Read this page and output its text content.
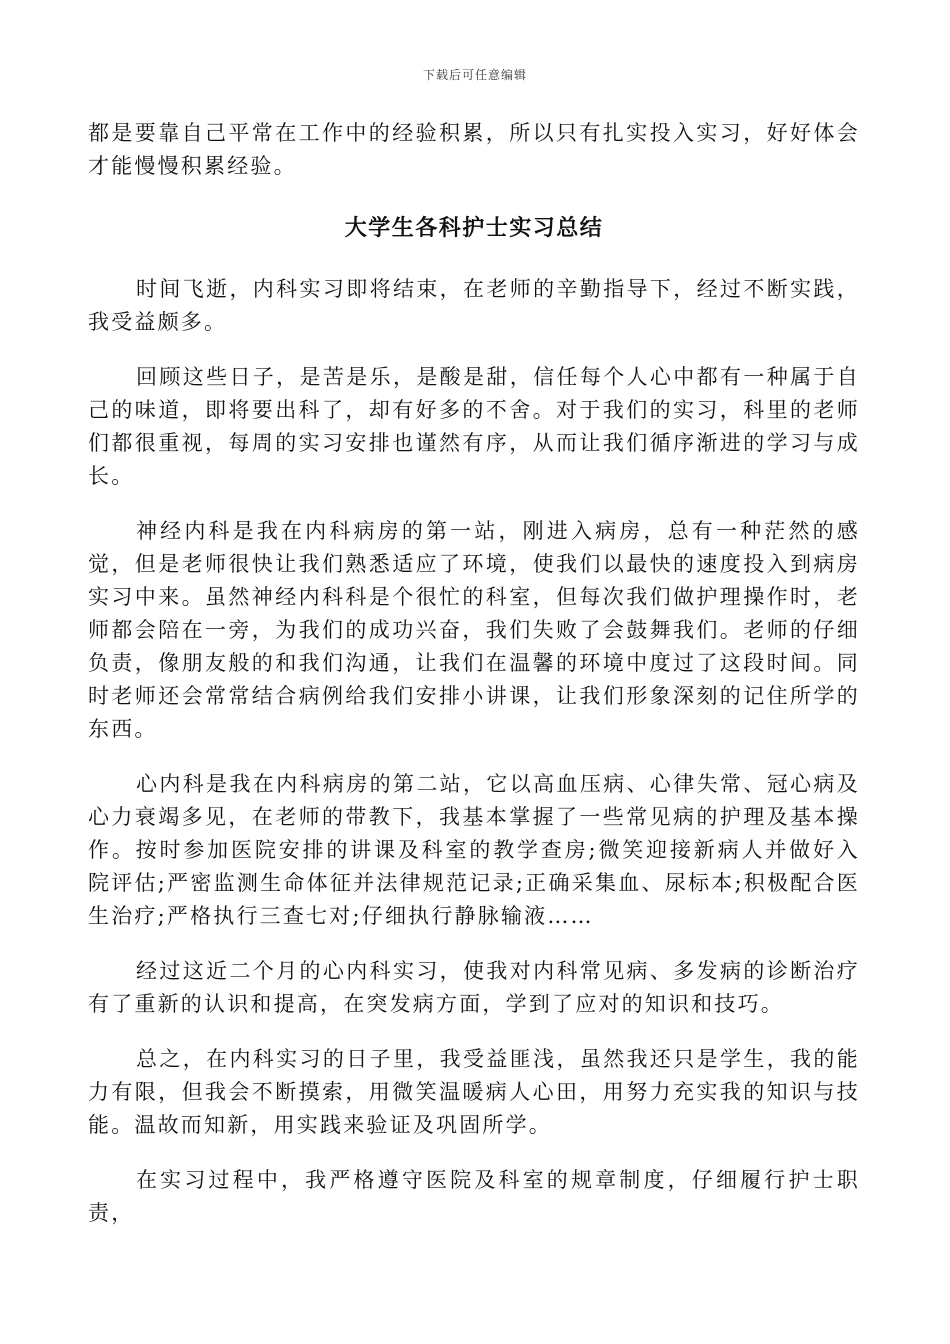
下载后可任意编辑

都是要靠自己平常在工作中的经验积累，所以只有扎实投入实习，好好体会才能慢慢积累经验。

大学生各科护士实习总结

时间飞逝，内科实习即将结束，在老师的辛勤指导下，经过不断实践，我受益颇多。

回顾这些日子，是苦是乐，是酸是甜，信任每个人心中都有一种属于自己的味道，即将要出科了，却有好多的不舍。对于我们的实习，科里的老师们都很重视，每周的实习安排也谨然有序，从而让我们循序渐进的学习与成长。

神经内科是我在内科病房的第一站，刚进入病房，总有一种茫然的感觉，但是老师很快让我们熟悉适应了环境，使我们以最快的速度投入到病房实习中来。虽然神经内科科是个很忙的科室，但每次我们做护理操作时，老师都会陪在一旁，为我们的成功兴奋，我们失败了会鼓舞我们。老师的仔细负责，像朋友般的和我们沟通，让我们在温馨的环境中度过了这段时间。同时老师还会常常结合病例给我们安排小讲课，让我们形象深刻的记住所学的东西。

心内科是我在内科病房的第二站，它以高血压病、心律失常、冠心病及心力衰竭多见，在老师的带教下，我基本掌握了一些常见病的护理及基本操作。按时参加医院安排的讲课及科室的教学查房;微笑迎接新病人并做好入院评估;严密监测生命体征并法律规范记录;正确采集血、尿标本;积极配合医生治疗;严格执行三查七对;仔细执行静脉输液……

经过这近二个月的心内科实习，使我对内科常见病、多发病的诊断治疗有了重新的认识和提高，在突发病方面，学到了应对的知识和技巧。

总之，在内科实习的日子里，我受益匪浅，虽然我还只是学生，我的能力有限，但我会不断摸索，用微笑温暖病人心田，用努力充实我的知识与技能。温故而知新，用实践来验证及巩固所学。

在实习过程中，我严格遵守医院及科室的规章制度，仔细履行护士职责，
